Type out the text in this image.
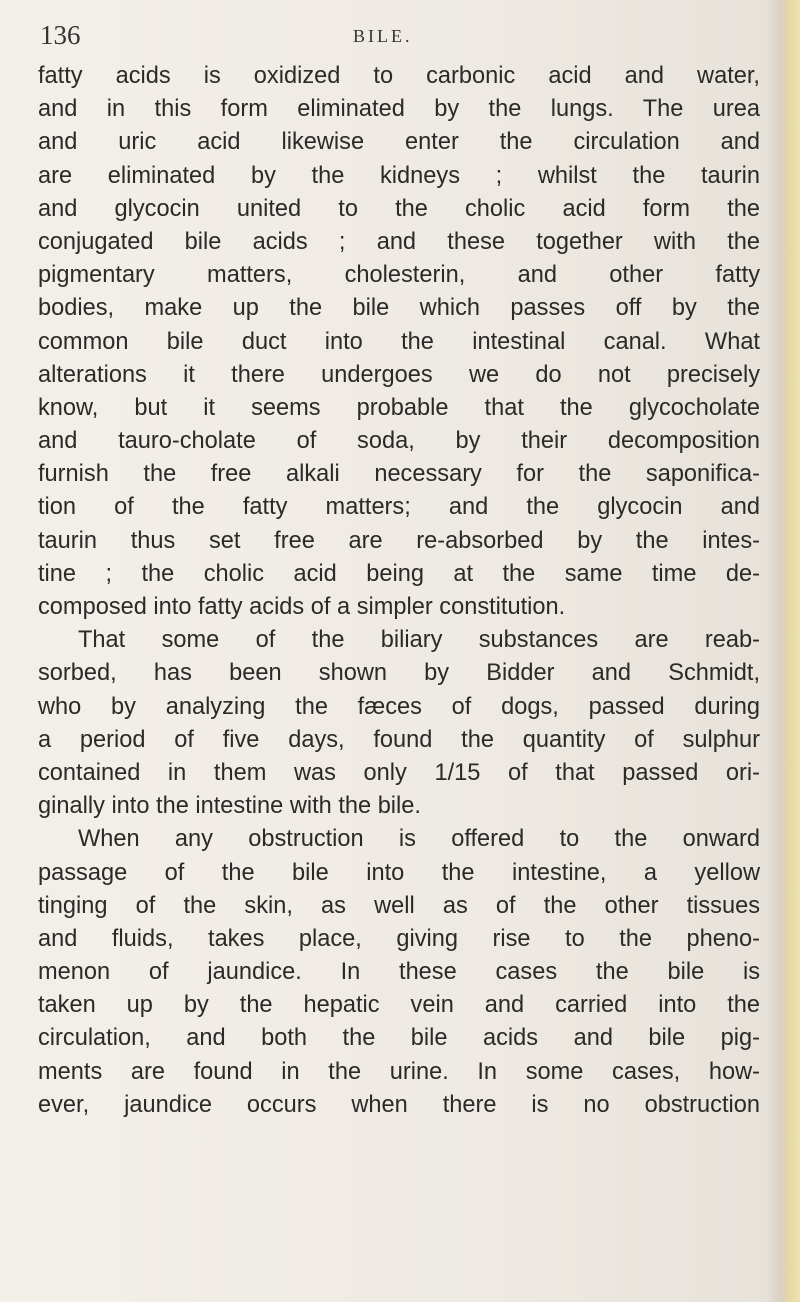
136	BILE.
fatty acids is oxidized to carbonic acid and water,
and in this form eliminated by the lungs. The urea
and uric acid likewise enter the circulation and
are eliminated by the kidneys ; whilst the taurin
and glycocin united to the cholic acid form the
conjugated bile acids ; and these together with the
pigmentary matters, cholesterin, and other fatty
bodies, make up the bile which passes off by the
common bile duct into the intestinal canal. What
alterations it there undergoes we do not precisely
know, but it seems probable that the glycocholate
and tauro-cholate of soda, by their decomposition
furnish the free alkali necessary for the saponifica-
tion of the fatty matters; and the glycocin and
taurin thus set free are re-absorbed by the intes-
tine ; the cholic acid being at the same time de-
composed into fatty acids of a simpler constitution.
That some of the biliary substances are reab-
sorbed, has been shown by Bidder and Schmidt,
who by analyzing the fæces of dogs, passed during
a period of five days, found the quantity of sulphur
contained in them was only 1/15 of that passed ori-
ginally into the intestine with the bile.
When any obstruction is offered to the onward
passage of the bile into the intestine, a yellow
tinging of the skin, as well as of the other tissues
and fluids, takes place, giving rise to the pheno-
menon of jaundice. In these cases the bile is
taken up by the hepatic vein and carried into the
circulation, and both the bile acids and bile pig-
ments are found in the urine. In some cases, how-
ever, jaundice occurs when there is no obstruction
